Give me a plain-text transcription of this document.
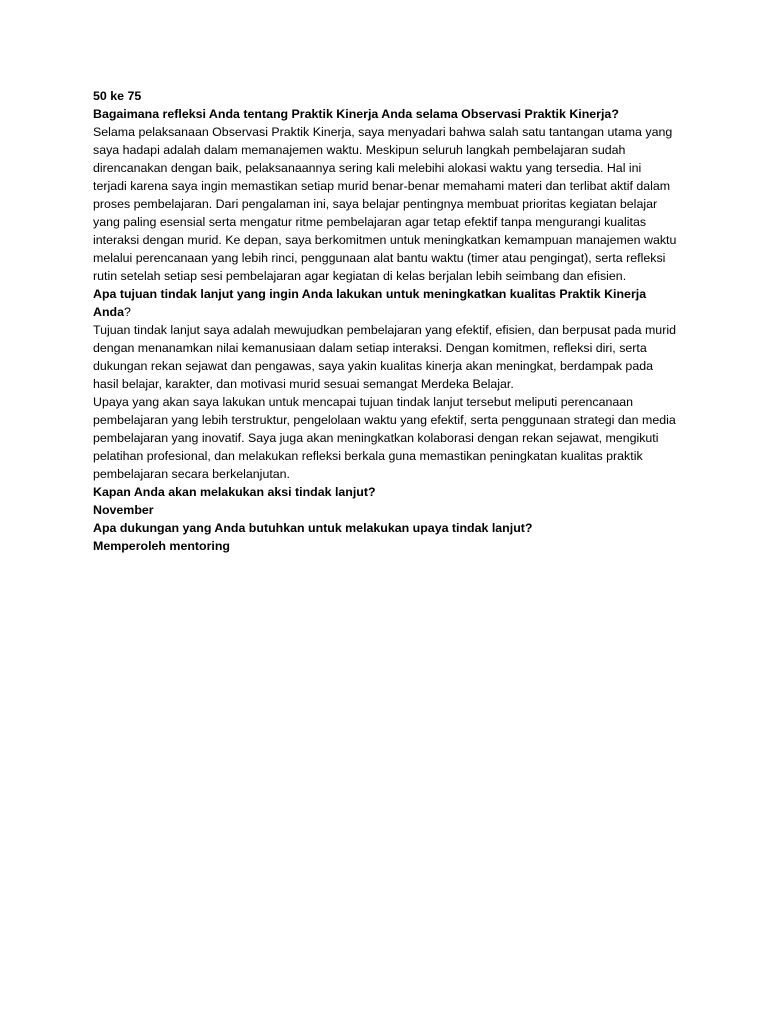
50 ke 75

Bagaimana refleksi Anda tentang Praktik Kinerja Anda selama Observasi Praktik Kinerja?

Selama pelaksanaan Observasi Praktik Kinerja, saya menyadari bahwa salah satu tantangan utama yang saya hadapi adalah dalam memanajemen waktu. Meskipun seluruh langkah pembelajaran sudah direncanakan dengan baik, pelaksanaannya sering kali melebihi alokasi waktu yang tersedia. Hal ini terjadi karena saya ingin memastikan setiap murid benar-benar memahami materi dan terlibat aktif dalam proses pembelajaran. Dari pengalaman ini, saya belajar pentingnya membuat prioritas kegiatan belajar yang paling esensial serta mengatur ritme pembelajaran agar tetap efektif tanpa mengurangi kualitas interaksi dengan murid. Ke depan, saya berkomitmen untuk meningkatkan kemampuan manajemen waktu melalui perencanaan yang lebih rinci, penggunaan alat bantu waktu (timer atau pengingat), serta refleksi rutin setelah setiap sesi pembelajaran agar kegiatan di kelas berjalan lebih seimbang dan efisien.

Apa tujuan tindak lanjut yang ingin Anda lakukan untuk meningkatkan kualitas Praktik Kinerja Anda?

Tujuan tindak lanjut saya adalah mewujudkan pembelajaran yang efektif, efisien, dan berpusat pada murid dengan menanamkan nilai kemanusiaan dalam setiap interaksi. Dengan komitmen, refleksi diri, serta dukungan rekan sejawat dan pengawas, saya yakin kualitas kinerja akan meningkat, berdampak pada hasil belajar, karakter, dan motivasi murid sesuai semangat Merdeka Belajar.

Upaya yang akan saya lakukan untuk mencapai tujuan tindak lanjut tersebut meliputi perencanaan pembelajaran yang lebih terstruktur, pengelolaan waktu yang efektif, serta penggunaan strategi dan media pembelajaran yang inovatif. Saya juga akan meningkatkan kolaborasi dengan rekan sejawat, mengikuti pelatihan profesional, dan melakukan refleksi berkala guna memastikan peningkatan kualitas praktik pembelajaran secara berkelanjutan.

Kapan Anda akan melakukan aksi tindak lanjut?

November

Apa dukungan yang Anda butuhkan untuk melakukan upaya tindak lanjut?

Memperoleh mentoring
